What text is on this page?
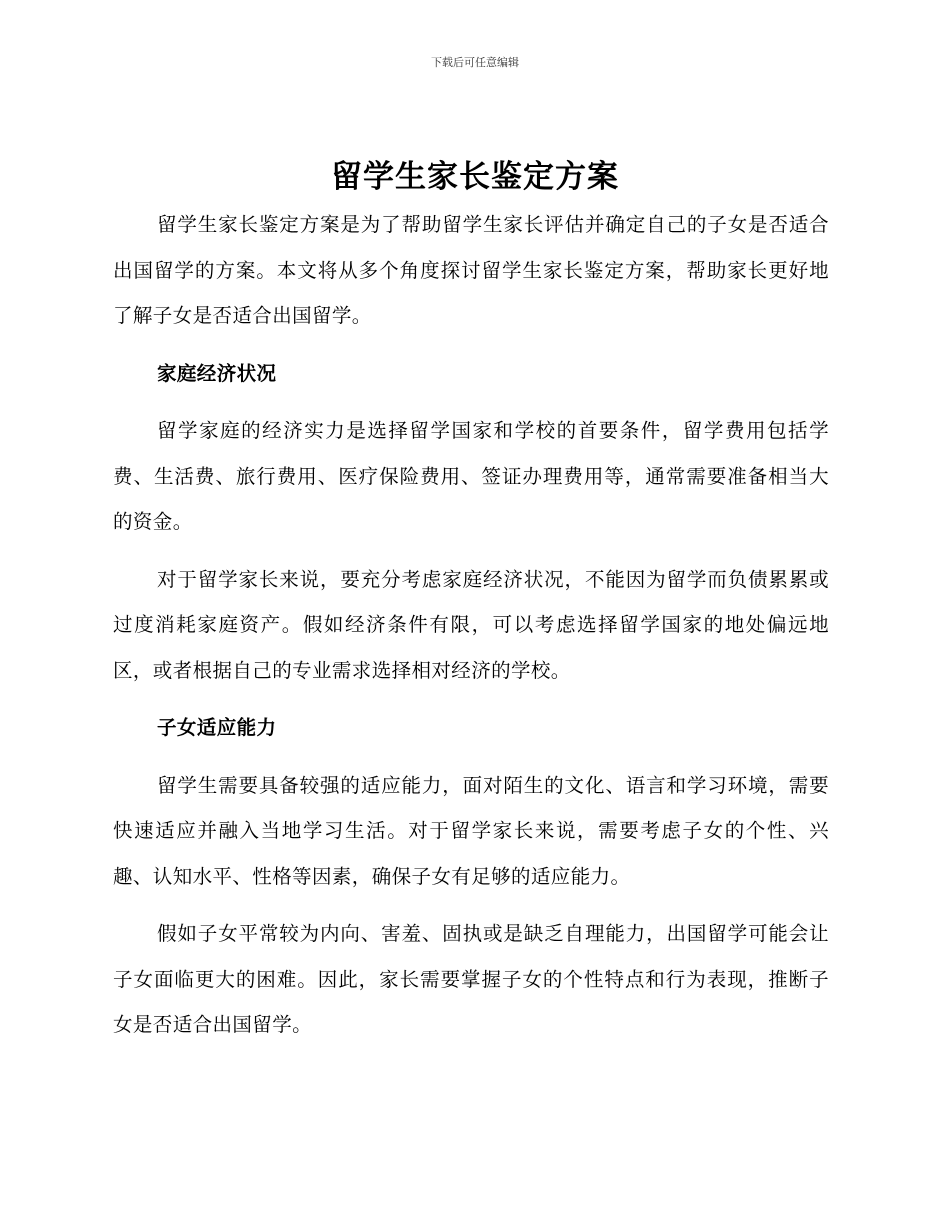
下载后可任意编辑
留学生家长鉴定方案

留学生家长鉴定方案是为了帮助留学生家长评估并确定自己的子女是否适合出国留学的方案。本文将从多个角度探讨留学生家长鉴定方案，帮助家长更好地了解子女是否适合出国留学。

家庭经济状况

留学家庭的经济实力是选择留学国家和学校的首要条件，留学费用包括学费、生活费、旅行费用、医疗保险费用、签证办理费用等，通常需要准备相当大的资金。

对于留学家长来说，要充分考虑家庭经济状况，不能因为留学而负债累累或过度消耗家庭资产。假如经济条件有限，可以考虑选择留学国家的地处偏远地区，或者根据自己的专业需求选择相对经济的学校。

子女适应能力

留学生需要具备较强的适应能力，面对陌生的文化、语言和学习环境，需要快速适应并融入当地学习生活。对于留学家长来说，需要考虑子女的个性、兴趣、认知水平、性格等因素，确保子女有足够的适应能力。

假如子女平常较为内向、害羞、固执或是缺乏自理能力，出国留学可能会让子女面临更大的困难。因此，家长需要掌握子女的个性特点和行为表现，推断子女是否适合出国留学。
